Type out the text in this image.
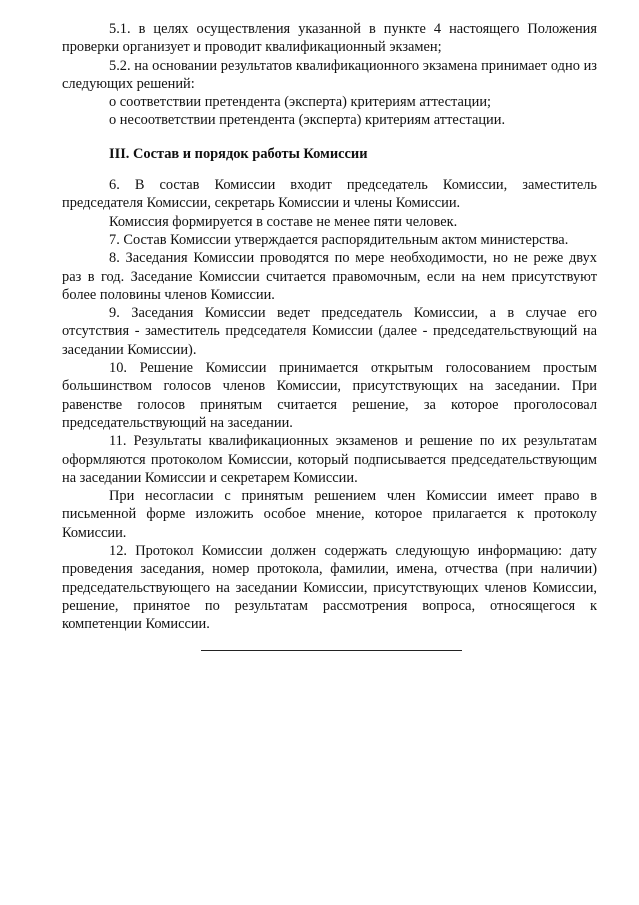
5.1. в целях осуществления указанной в пункте 4 настоящего Положения проверки организует и проводит квалификационный экзамен;

5.2. на основании результатов квалификационного экзамена принимает одно из следующих решений:

о соответствии претендента (эксперта) критериям аттестации;

о несоответствии претендента (эксперта) критериям аттестации.

III. Состав и порядок работы Комиссии

6. В состав Комиссии входит председатель Комиссии, заместитель председателя Комиссии, секретарь Комиссии и члены Комиссии.

Комиссия формируется в составе не менее пяти человек.

7. Состав Комиссии утверждается распорядительным актом министерства.

8. Заседания Комиссии проводятся по мере необходимости, но не реже двух раз в год. Заседание Комиссии считается правомочным, если на нем присутствуют более половины членов Комиссии.

9. Заседания Комиссии ведет председатель Комиссии, а в случае его отсутствия - заместитель председателя Комиссии (далее - председательствующий на заседании Комиссии).

10. Решение Комиссии принимается открытым голосованием простым большинством голосов членов Комиссии, присутствующих на заседании. При равенстве голосов принятым считается решение, за которое проголосовал председательствующий на заседании.

11. Результаты квалификационных экзаменов и решение по их результатам оформляются протоколом Комиссии, который подписывается председательствующим на заседании Комиссии и секретарем Комиссии.

При несогласии с принятым решением член Комиссии имеет право в письменной форме изложить особое мнение, которое прилагается к протоколу Комиссии.

12. Протокол Комиссии должен содержать следующую информацию: дату проведения заседания, номер протокола, фамилии, имена, отчества (при наличии) председательствующего на заседании Комиссии, присутствующих членов Комиссии, решение, принятое по результатам рассмотрения вопроса, относящегося к компетенции Комиссии.
